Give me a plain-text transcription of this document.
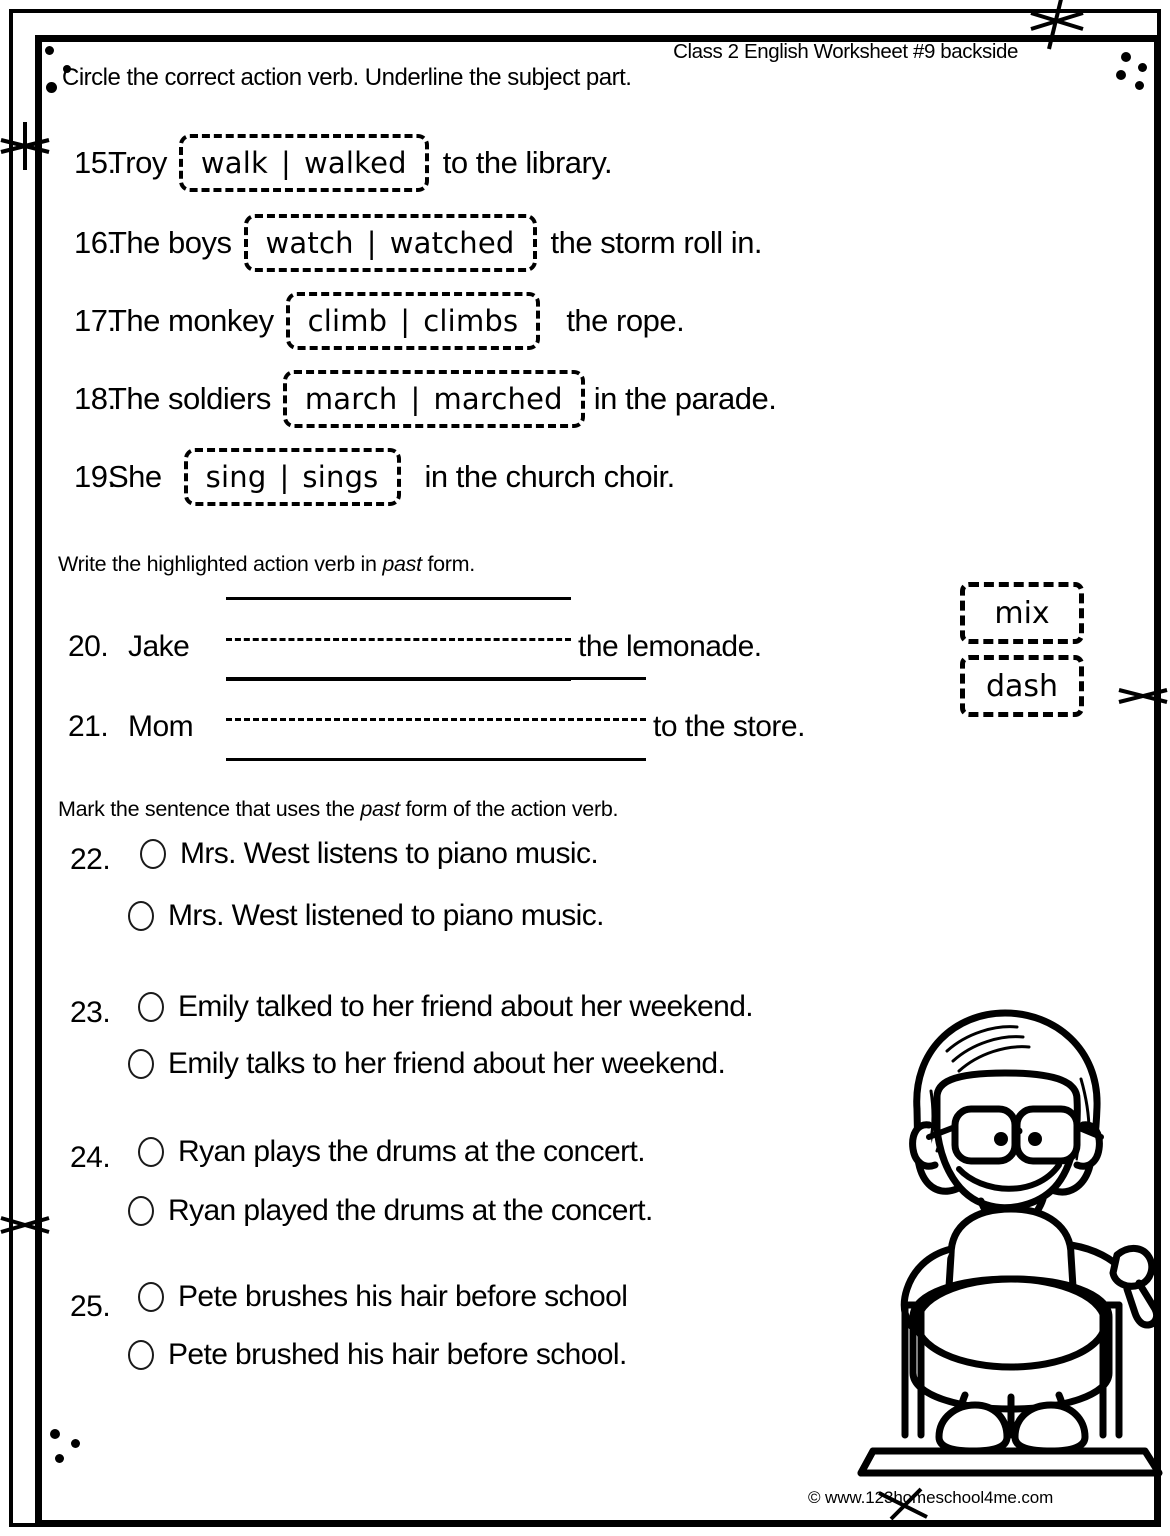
Class 2 English Worksheet #9 backside
Circle the correct action verb. Underline the subject part.
15.
Troy walk | walked to the library.
16.
The boys watch | watched the storm roll in.
17.
The monkey climb | climbs the rope.
18.
The soldiers march | marched in the parade.
19.
She sing | sings in the church choir.
Write the highlighted action verb in past form.
20. Jake	the lemonade.
21. Mom	to the store.
mix
dash
Mark the sentence that uses the past form of the action verb.
22. Mrs. West listens to piano music.
Mrs. West listened to piano music.
23. Emily talked to her friend about her weekend.
Emily talks to her friend about her weekend.
24. Ryan plays the drums at the concert.
Ryan played the drums at the concert.
25. Pete brushes his hair before school
Pete brushed his hair before school.
© www.123homeschool4me.com
